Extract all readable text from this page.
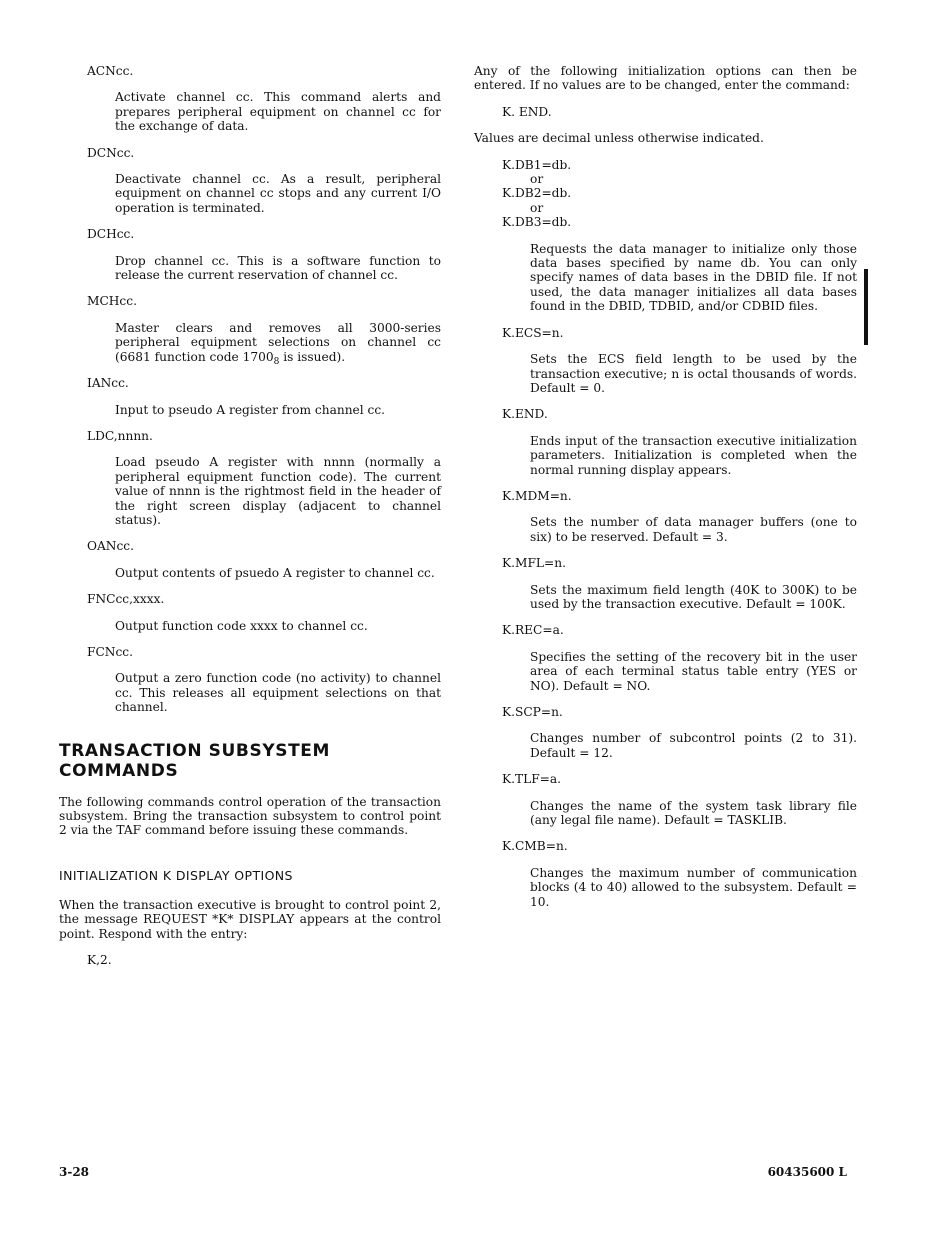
ACNcc.

Activate channel cc. This command alerts and prepares peripheral equipment on channel cc for the exchange of data.

DCNcc.

Deactivate channel cc. As a result, peripheral equipment on channel cc stops and any current I/O operation is terminated.

DCHcc.

Drop channel cc. This is a software function to release the current reservation of channel cc.

MCHcc.

Master clears and removes all 3000-series peripheral equipment selections on channel cc (6681 function code $1700_8$ is issued).

IANcc.

Input to pseudo A register from channel cc.

LDC,nnnn.

Load pseudo A register with nnnn (normally a peripheral equipment function code). The current value of nnnn is the rightmost field in the header of the right screen display (adjacent to channel status).

OANcc.

Output contents of psuedo A register to channel cc.

FNCcc,xxxx.

Output function code xxxx to channel cc.

FCNcc.

Output a zero function code (no activity) to channel cc. This releases all equipment selections on that channel.

TRANSACTION SUBSYSTEM COMMANDS

The following commands control operation of the transaction subsystem. Bring the transaction subsystem to control point 2 via the TAF command before issuing these commands.

INITIALIZATION K DISPLAY OPTIONS

When the transaction executive is brought to control point 2, the message REQUEST *K* DISPLAY appears at the control point. Respond with the entry:

K,2.

Any of the following initialization options can then be entered. If no values are to be changed, enter the command:

K. END.

Values are decimal unless otherwise indicated.

K.DB1=db.

or

K.DB2=db.

or

K.DB3=db.

Requests the data manager to initialize only those data bases specified by name db. You can only specify names of data bases in the DBID file. If not used, the data manager initializes all data bases found in the DBID, TDBID, and/or CDBID files.

K.ECS=n.

Sets the ECS field length to be used by the transaction executive; n is octal thousands of words. Default = 0.

K.END.

Ends input of the transaction executive initialization parameters. Initialization is completed when the normal running display appears.

K.MDM=n.

Sets the number of data manager buffers (one to six) to be reserved. Default = 3.

K.MFL=n.

Sets the maximum field length (40K to 300K) to be used by the transaction executive. Default = 100K.

K.REC=a.

Specifies the setting of the recovery bit in the user area of each terminal status table entry (YES or NO). Default = NO.

K.SCP=n.

Changes number of subcontrol points (2 to 31). Default = 12.

K.TLF=a.

Changes the name of the system task library file (any legal file name). Default = TASKLIB.

K.CMB=n.

Changes the maximum number of communication blocks (4 to 40) allowed to the subsystem. Default = 10.

3-28	60435600 L
